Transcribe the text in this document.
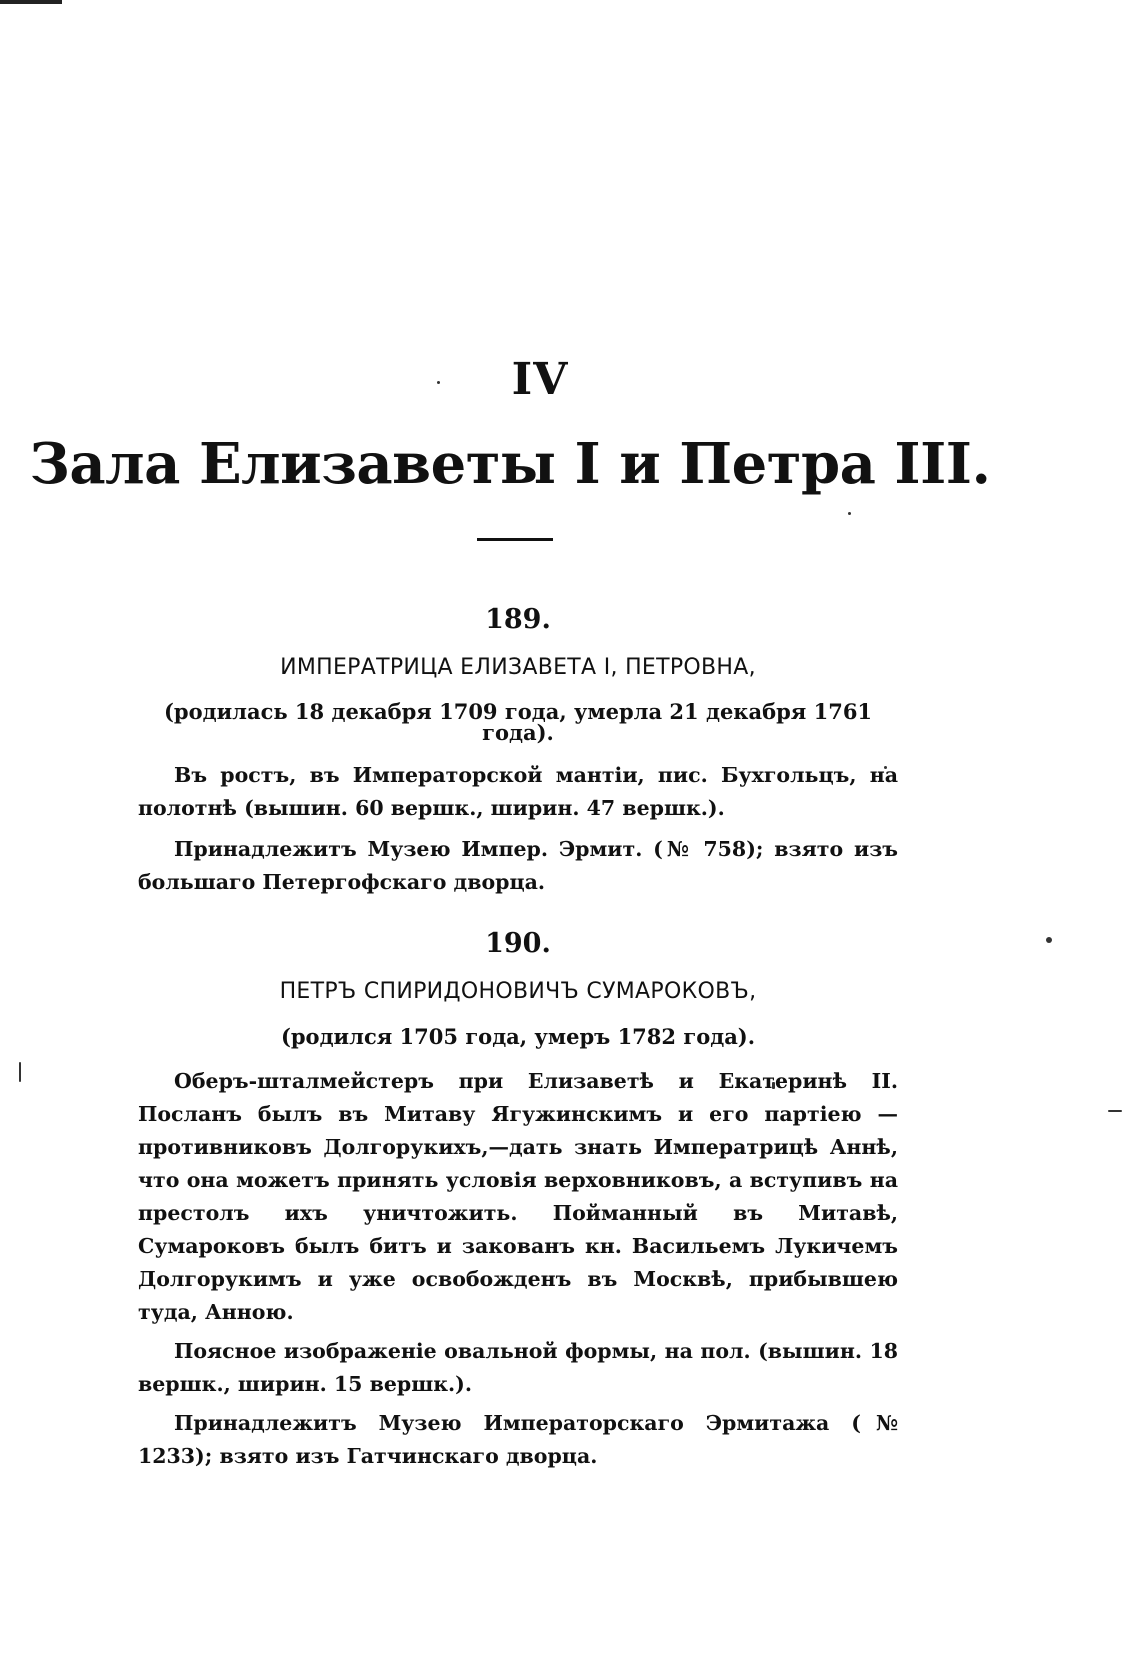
IV
Зала Елизаветы I и Петра III.
189.
ИМПЕРАТРИЦА ЕЛИЗАВЕТА I, ПЕТРОВНА,
(родилась 18 декабря 1709 года, умерла 21 декабря 1761 года).
Въ ростъ, въ Императорской мантіи, пис. Бухгольцъ, на полотнѣ (вышин. 60 вершк., ширин. 47 вершк.).
Принадлежитъ Музею Импер. Эрмит. (№ 758); взято изъ большаго Петергофскаго дворца.
190.
ПЕТРЪ СПИРИДОНОВИЧЪ СУМАРОКОВЪ,
(родился 1705 года, умеръ 1782 года).
Оберъ-шталмейстеръ при Елизаветѣ и Екатеринѣ II. Посланъ былъ въ Митаву Ягужинскимъ и его партіею — противниковъ Долгорукихъ,—дать знать Императрицѣ Аннѣ, что она можетъ принять условія верховниковъ, а вступивъ на престолъ ихъ уничтожить. Пойманный въ Митавѣ, Сумароковъ былъ битъ и закованъ кн. Васильемъ Лукичемъ Долгорукимъ и уже освобожденъ въ Москвѣ, прибывшею туда, Анною.
Поясное изображеніе овальной формы, на пол. (вышин. 18 вершк., ширин. 15 вершк.).
Принадлежитъ Музею Императорскаго Эрмитажа (№ 1233); взято изъ Гатчинскаго дворца.
